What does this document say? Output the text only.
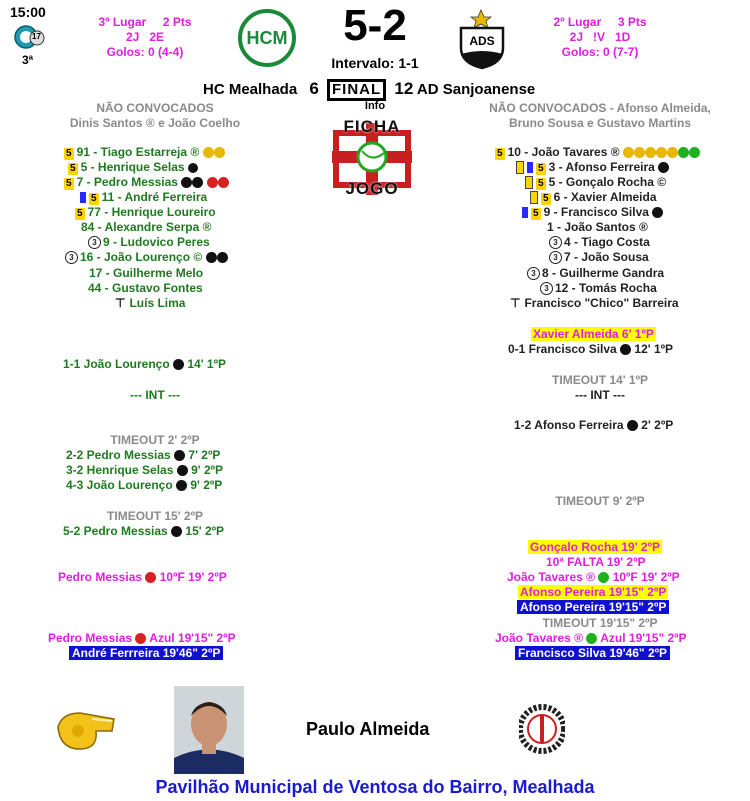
15:00
17
3ª
3º Lugar     2 Pts
2J   2E
Golos: 0 (4-4)
HCM	5-2
Intervalo: 1-1
ADS
2º Lugar     3 Pts
2J   !V   1D
Golos: 0 (7-7)
HC Mealhada 6 FINAL 12 AD Sanjoanense
Info
FICHA
JOGO
NÃO CONVOCADOS
Dinis Santos ® e João Coelho
5 91 - Tiago Estarreja ®
5 5 - Henrique Selas
5 7 - Pedro Messias
5 11 - André Ferreira
5 77 - Henrique Loureiro
84 - Alexandre Serpa ®
3 9 - Ludovico Peres
3 16 - João Lourenço ©
17 - Guilherme Melo
44 - Gustavo Fontes
⊤ Luís Lima
1-1 João Lourenço 14' 1ºP
--- INT ---
TIMEOUT 2' 2ºP
2-2 Pedro Messias 7' 2ºP
3-2 Henrique Selas 9' 2ºP
4-3 João Lourenço 9' 2ºP
TIMEOUT 15' 2ºP
5-2 Pedro Messias 15' 2ºP
Pedro Messias 10ºF 19' 2ºP
Pedro Messias Azul 19'15" 2ºP
André Ferrreira 19'46" 2ºP
NÃO CONVOCADOS - Afonso Almeida,
Bruno Sousa e Gustavo Martins
5 10 - João Tavares ®
5 3 - Afonso Ferreira
5 5 - Gonçalo Rocha ©
5 6 - Xavier Almeida
5 9 - Francisco Silva
1 - João Santos ®
3 4 - Tiago Costa
3 7 - João Sousa
3 8 - Guilherme Gandra
3 12 - Tomás Rocha
⊤ Francisco "Chico" Barreira
Xavier Almeida 6' 1ºP
0-1 Francisco Silva 12' 1ºP
TIMEOUT 14' 1ºP
--- INT ---
1-2 Afonso Ferreira 2' 2ºP
TIMEOUT 9' 2ºP
Gonçalo Rocha 19' 2ºP
10ª FALTA 19' 2ºP
João Tavares ® 10ºF 19' 2ºP
Afonso Pereira 19'15" 2ºP
Afonso Pereira 19'15" 2ºP
TIMEOUT 19'15" 2ºP
João Tavares ® Azul 19'15" 2ºP
Francisco Silva 19'46" 2ºP
Paulo Almeida
Pavilhão Municipal de Ventosa do Bairro, Mealhada
